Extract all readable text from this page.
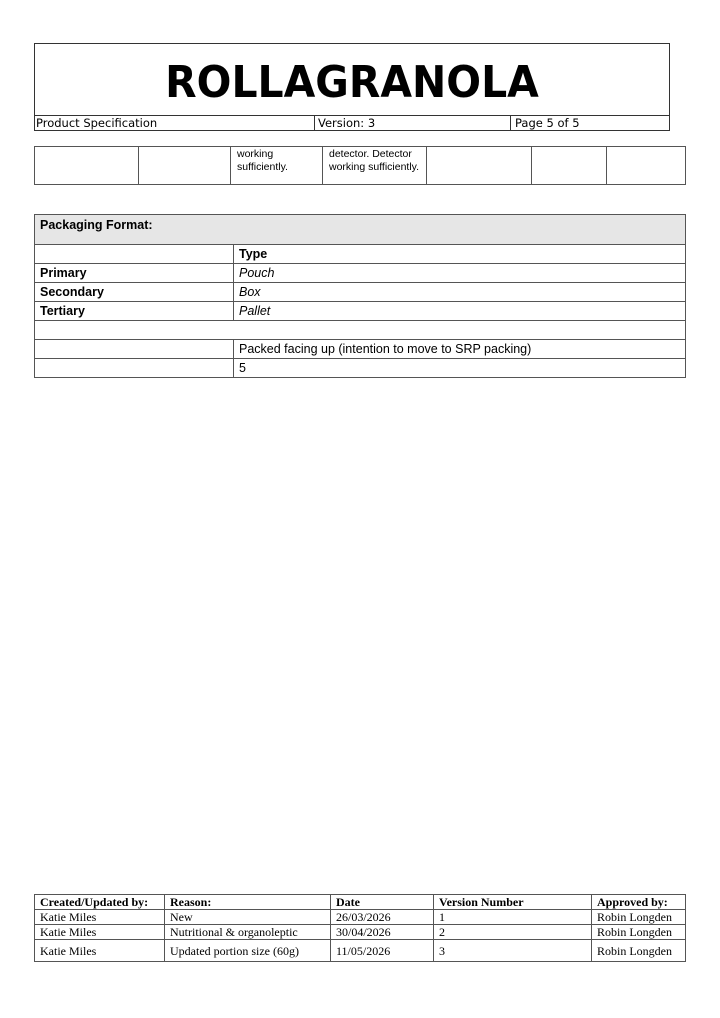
ROLLAGRANOLA
Product Specification	Version: 3	Page 5 of 5
		working sufficiently.	detector. Detector working sufficiently.			
Packaging Format:	
	Type
Primary	Pouch
Secondary	Box
Tertiary	Pallet

	Packed facing up (intention to move to SRP packing)
	5
Created/Updated by:	Reason:	Date	Version Number	Approved by:
Katie Miles	New	26/03/2026	1	Robin Longden
Katie Miles	Nutritional & organoleptic	30/04/2026	2	Robin Longden
Katie Miles	Updated portion size (60g)	11/05/2026	3	Robin Longden
